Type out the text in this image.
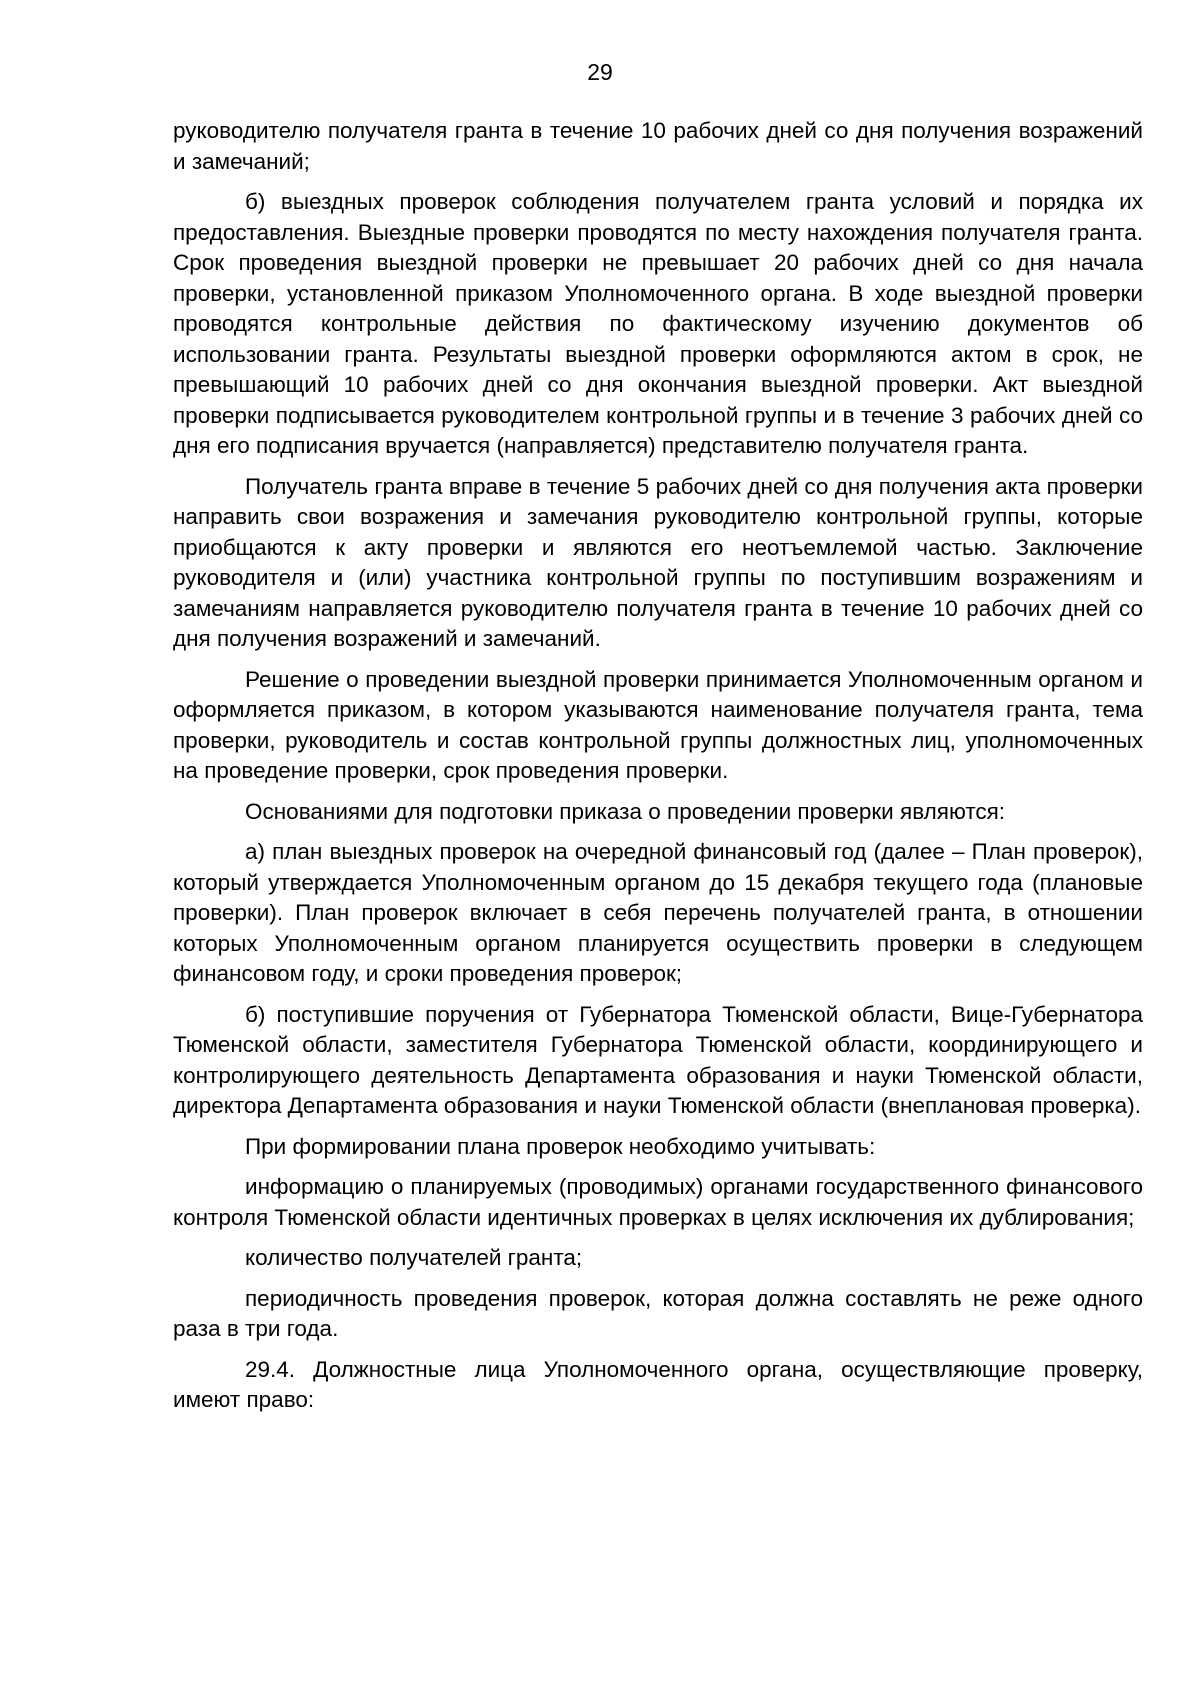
29

руководителю получателя гранта в течение 10 рабочих дней со дня получения возражений и замечаний;

б) выездных проверок соблюдения получателем гранта условий и порядка их предоставления. Выездные проверки проводятся по месту нахождения получателя гранта. Срок проведения выездной проверки не превышает 20 рабочих дней со дня начала проверки, установленной приказом Уполномоченного органа. В ходе выездной проверки проводятся контрольные действия по фактическому изучению документов об использовании гранта. Результаты выездной проверки оформляются актом в срок, не превышающий 10 рабочих дней со дня окончания выездной проверки. Акт выездной проверки подписывается руководителем контрольной группы и в течение 3 рабочих дней со дня его подписания вручается (направляется) представителю получателя гранта.

Получатель гранта вправе в течение 5 рабочих дней со дня получения акта проверки направить свои возражения и замечания руководителю контрольной группы, которые приобщаются к акту проверки и являются его неотъемлемой частью. Заключение руководителя и (или) участника контрольной группы по поступившим возражениям и замечаниям направляется руководителю получателя гранта в течение 10 рабочих дней со дня получения возражений и замечаний.

Решение о проведении выездной проверки принимается Уполномоченным органом и оформляется приказом, в котором указываются наименование получателя гранта, тема проверки, руководитель и состав контрольной группы должностных лиц, уполномоченных на проведение проверки, срок проведения проверки.

Основаниями для подготовки приказа о проведении проверки являются:

а) план выездных проверок на очередной финансовый год (далее – План проверок), который утверждается Уполномоченным органом до 15 декабря текущего года (плановые проверки). План проверок включает в себя перечень получателей гранта, в отношении которых Уполномоченным органом планируется осуществить проверки в следующем финансовом году, и сроки проведения проверок;

б) поступившие поручения от Губернатора Тюменской области, Вице-Губернатора Тюменской области, заместителя Губернатора Тюменской области, координирующего и контролирующего деятельность Департамента образования и науки Тюменской области, директора Департамента образования и науки Тюменской области (внеплановая проверка).

При формировании плана проверок необходимо учитывать:

информацию о планируемых (проводимых) органами государственного финансового контроля Тюменской области идентичных проверках в целях исключения их дублирования;

количество получателей гранта;

периодичность проведения проверок, которая должна составлять не реже одного раза в три года.

29.4. Должностные лица Уполномоченного органа, осуществляющие проверку, имеют право:
